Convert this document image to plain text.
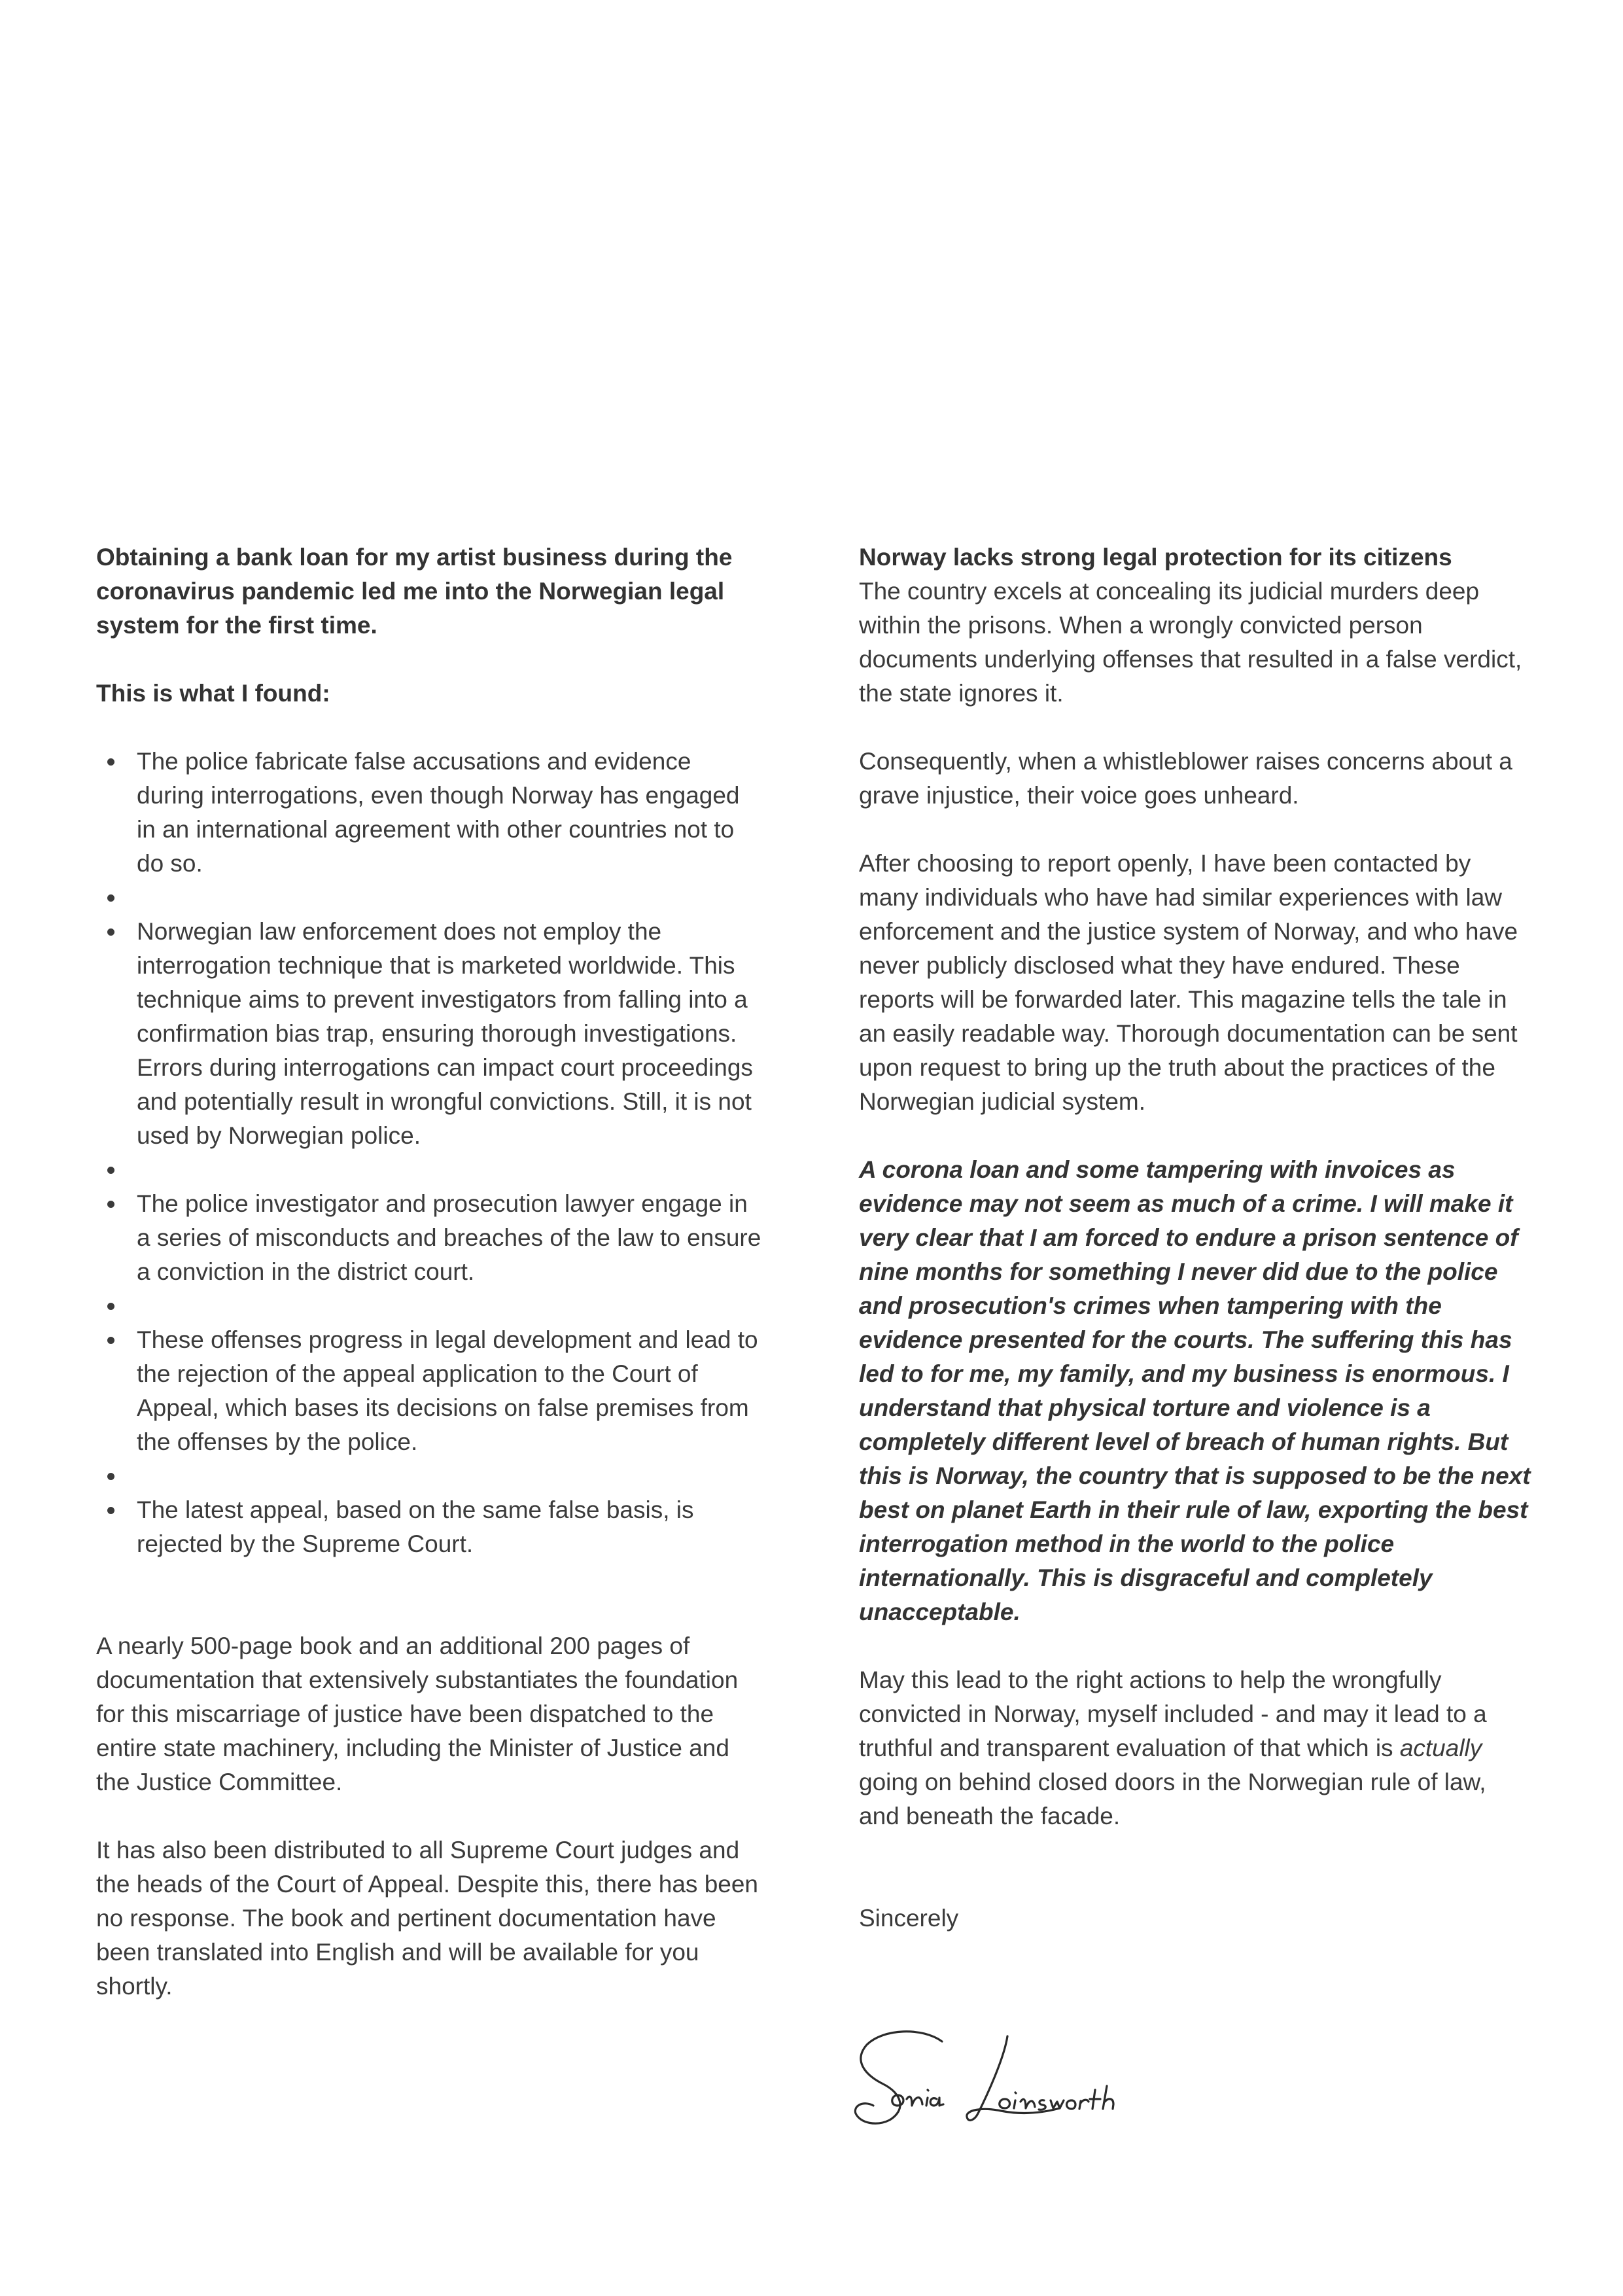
Obtaining a bank loan for my artist business during the coronavirus pandemic led me into the Norwegian legal system for the first time.

This is what I found:

The police fabricate false accusations and evidence during interrogations, even though Norway has engaged in an international agreement with other countries not to do so.
Norwegian law enforcement does not employ the interrogation technique that is marketed worldwide. This technique aims to prevent investigators from falling into a confirmation bias trap, ensuring thorough investigations. Errors during interrogations can impact court proceedings and potentially result in wrongful convictions. Still, it is not used by Norwegian police.
The police investigator and prosecution lawyer engage in a series of misconducts and breaches of the law to ensure a conviction in the district court.
These offenses progress in legal development and lead to the rejection of the appeal application to the Court of Appeal, which bases its decisions on false premises from the offenses by the police.
The latest appeal, based on the same false basis, is rejected by the Supreme Court.

A nearly 500-page book and an additional 200 pages of documentation that extensively substantiates the foundation for this miscarriage of justice have been dispatched to the entire state machinery, including the Minister of Justice and the Justice Committee.

It has also been distributed to all Supreme Court judges and the heads of the Court of Appeal. Despite this, there has been no response. The book and pertinent documentation have been translated into English and will be available for you shortly.

Norway lacks strong legal protection for its citizens

The country excels at concealing its judicial murders deep within the prisons. When a wrongly convicted person documents underlying offenses that resulted in a false verdict, the state ignores it.

Consequently, when a whistleblower raises concerns about a grave injustice, their voice goes unheard.

After choosing to report openly, I have been contacted by many individuals who have had similar experiences with law enforcement and the justice system of Norway, and who have never publicly disclosed what they have endured. These reports will be forwarded later. This magazine tells the tale in an easily readable way. Thorough documentation can be sent upon request to bring up the truth about the practices of the Norwegian judicial system.

A corona loan and some tampering with invoices as evidence may not seem as much of a crime. I will make it very clear that I am forced to endure a prison sentence of nine months for something I never did due to the police and prosecution's crimes when tampering with the evidence presented for the courts. The suffering this has led to for me, my family, and my business is enormous. I understand that physical torture and violence is a completely different level of breach of human rights. But this is Norway, the country that is supposed to be the next best on planet Earth in their rule of law, exporting the best interrogation method in the world to the police internationally. This is disgraceful and completely unacceptable.

May this lead to the right actions to help the wrongfully convicted in Norway, myself included - and may it lead to a truthful and transparent evaluation of that which is actually going on behind closed doors in the Norwegian rule of law, and beneath the facade.

Sincerely
